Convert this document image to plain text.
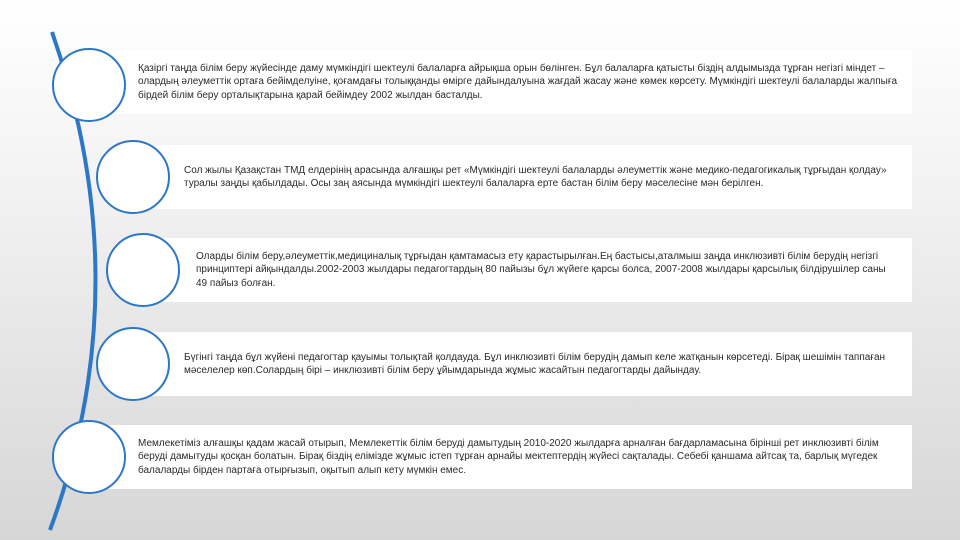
Қазіргі таңда білім беру жүйесінде даму мүмкіндігі шектеулі балаларға айрықша орын бөлінген. Бұл балаларға қатысты біздің алдымызда тұрған негізгі міндет – олардың әлеуметтік ортаға бейімделуіне, қоғамдағы толыққанды өмірге дайындалуына жағдай жасау және көмек көрсету. Мүмкіндігі шектеулі балаларды жалпыға бірдей білім беру орталықтарына қарай бейімдеу 2002 жылдан басталды.
Сол жылы Қазақстан ТМД елдерінің арасында алғашқы рет «Мүмкіндігі шектеулі балаларды әлеуметтік және медико-педагогикалық тұрғыдан қолдау» туралы заңды қабылдады. Осы заң аясында мүмкіндігі шектеулі балаларға ерте бастан білім беру мәселесіне мән берілген.
Оларды білім беру,әлеуметтік,медициналық тұрғыдан қамтамасыз ету қарастырылған.Ең бастысы,аталмыш заңда инклюзивті білім берудің негізгі принциптері айқындалды.2002-2003 жылдары педагогтардың 80 пайызы бұл жүйеге қарсы болса, 2007-2008 жылдары қарсылық білдірушілер саны 49 пайыз болған.
Бүгінгі таңда бұл жүйені педагогтар қауымы толықтай қолдауда. Бұл инклюзивті білім берудің дамып келе жатқанын көрсетеді. Бірақ шешімін таппаған мәселелер көп.Солардың бірі – инклюзивті білім беру ұйымдарында жұмыс жасайтын педагогтарды дайындау.
Мемлекетіміз алғашқы қадам жасай отырып, Мемлекеттік білім беруді дамытудың 2010-2020 жылдарға арналған бағдарламасына бірінші рет инклюзивті білім беруді дамытуды қосқан болатын. Бірақ біздің елімізде жұмыс істеп тұрған арнайы мектептердің жүйесі сақталады. Себебі қаншама айтсақ та, барлық мүгедек балаларды бірден партаға отырғызып, оқытып алып кету мүмкін емес.
